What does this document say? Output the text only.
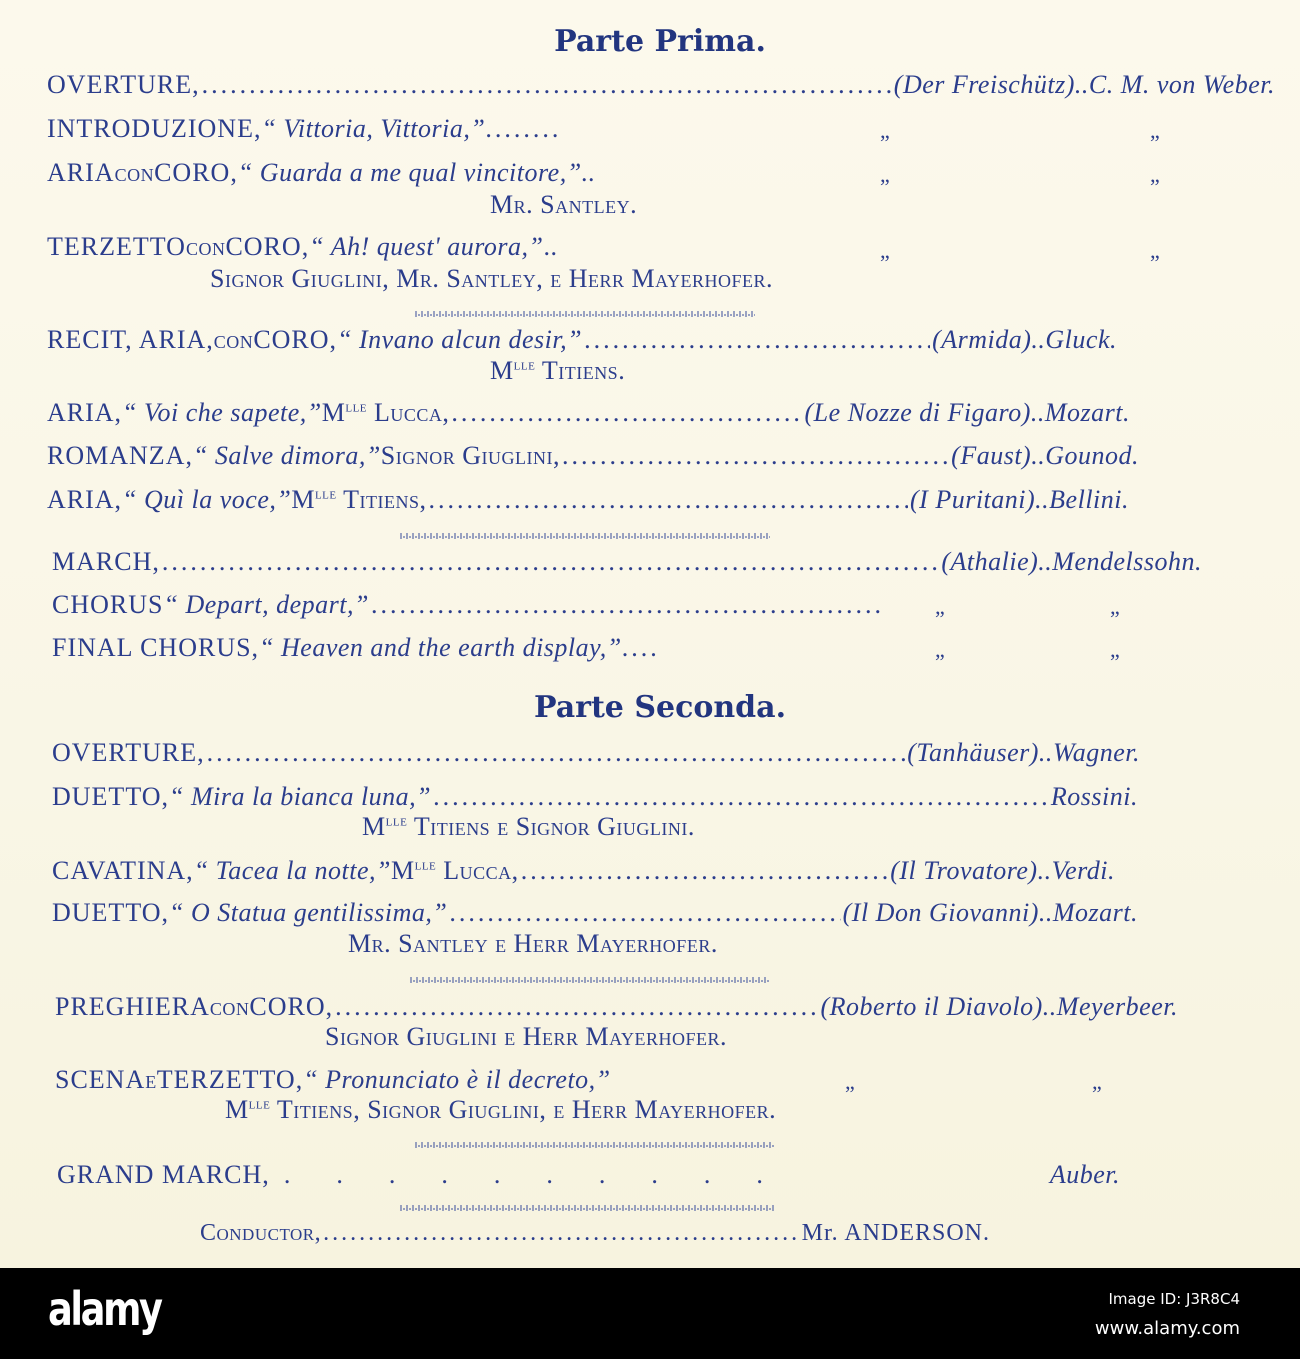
Parte Prima.
OVERTURE, .....	(Der Freischütz).. C. M. von Weber.
INTRODUZIONE, “ Vittoria, Vittoria,” ........	„	„
ARIA con CORO, “ Guarda a me qual vincitore,”..	„	„
Mr. Santley.
TERZETTO con CORO, “ Ah! quest' aurora,” ..	„	„
Signor Giuglini, Mr. Santley, e Herr Mayerhofer.
RECIT, ARIA, con CORO, “ Invano alcun desir,” .....	(Armida).. Gluck.
$M^{lle}$ Titiens.
ARIA, “ Voi che sapete,” $M^{lle}$ Lucca, .....	(Le Nozze di Figaro).. Mozart.
ROMANZA, “ Salve dimora,” Signor Giuglini, .....	(Faust).. Gounod.
ARIA, “ Quì la voce,” $M^{lle}$ Titiens, .....	(I Puritani).. Bellini.
MARCH, .....	(Athalie).. Mendelssohn.
CHORUS “ Depart, depart,” .....	„	„
FINAL CHORUS, “ Heaven and the earth display,” ....	„	„
Parte Seconda.
OVERTURE, .....	(Tanhäuser).. Wagner.
DUETTO, “ Mira la bianca luna,” .....	Rossini.
$M^{lle}$ Titiens e Signor Giuglini.
CAVATINA, “ Tacea la notte,” $M^{lle}$ Lucca, .....	(Il Trovatore).. Verdi.
DUETTO, “ O Statua gentilissima,” .....	(Il Don Giovanni).. Mozart.
Mr. Santley e Herr Mayerhofer.
PREGHIERA con CORO, .....	(Roberto il Diavolo).. Meyerbeer.
Signor Giuglini e Herr Mayerhofer.
SCENA e TERZETTO, “ Pronunciato è il decreto,”	„	„
$M^{lle}$ Titiens, Signor Giuglini, e Herr Mayerhofer.
GRAND MARCH, .    .    .    .    .    .    .    .    .    .	Auber.
Conductor, .....	Mr. ANDERSON.
alamy	Image ID: J3R8C4
www.alamy.com
